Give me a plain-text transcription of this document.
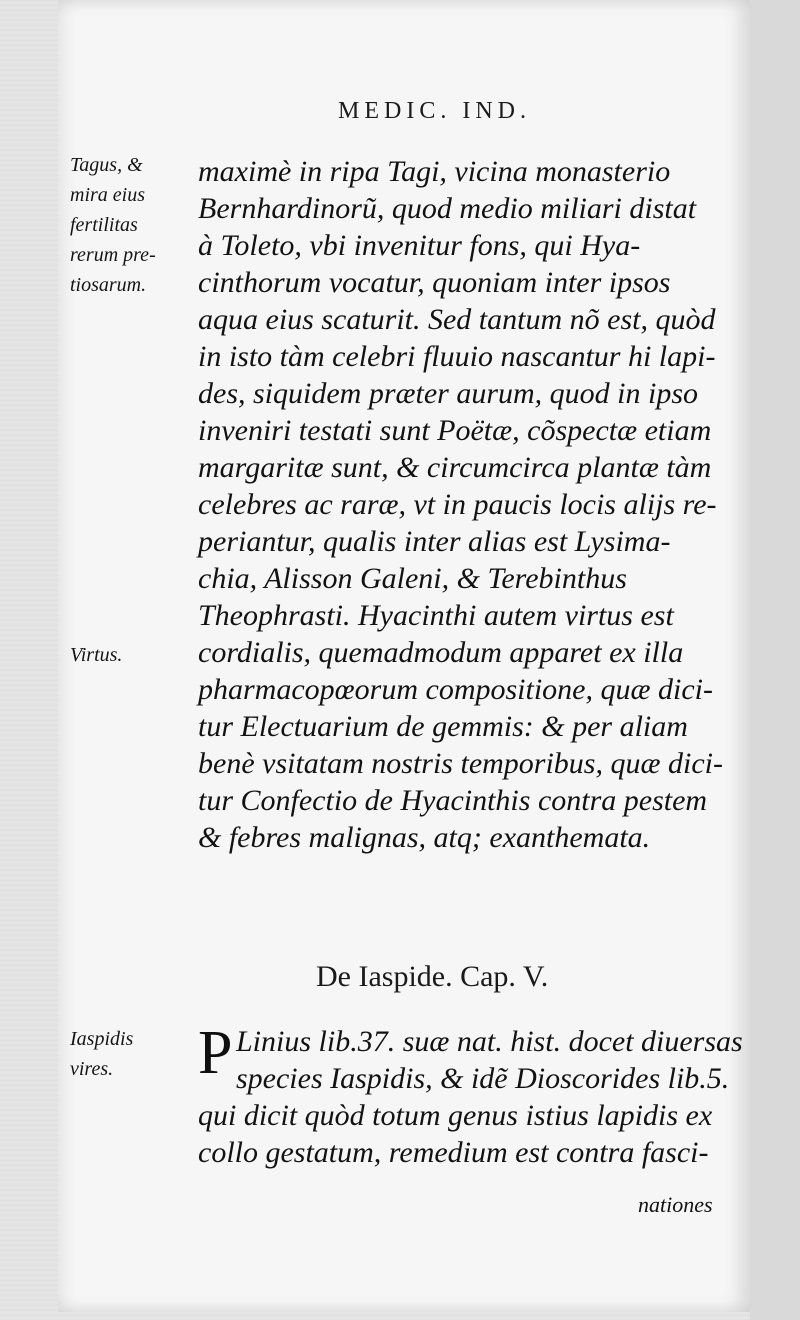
MEDIC. IND.
Tagus, &
mira eius
fertilitas
rerum pre-
tiosarum.
Virtus.
Iaspidis
vires.
maximè in ripa Tagi, vicina monasterio
Bernhardinorũ, quod medio miliari distat
à Toleto, vbi invenitur fons, qui Hya-
cinthorum vocatur, quoniam inter ipsos
aqua eius scaturit. Sed tantum nõ est, quòd
in isto tàm celebri fluuio nascantur hi lapi-
des, siquidem præter aurum, quod in ipso
inveniri testati sunt Poëtæ, cõspectæ etiam
margaritæ sunt, & circumcirca plantæ tàm
celebres ac raræ, vt in paucis locis alijs re-
periantur, qualis inter alias est Lysima-
chia, Alisson Galeni, & Terebinthus
Theophrasti. Hyacinthi autem virtus est
cordialis, quemadmodum apparet ex illa
pharmacopœorum compositione, quæ dici-
tur Electuarium de gemmis: & per aliam
benè vsitatam nostris temporibus, quæ dici-
tur Confectio de Hyacinthis contra pestem
& febres malignas, atq; exanthemata.
De Iaspide. Cap. V.
P Linius lib.37. suæ nat. hist. docet diuersas
species Iaspidis, & idẽ Dioscorides lib.5.
qui dicit quòd totum genus istius lapidis ex
collo gestatum, remedium est contra fasci-
nationes
